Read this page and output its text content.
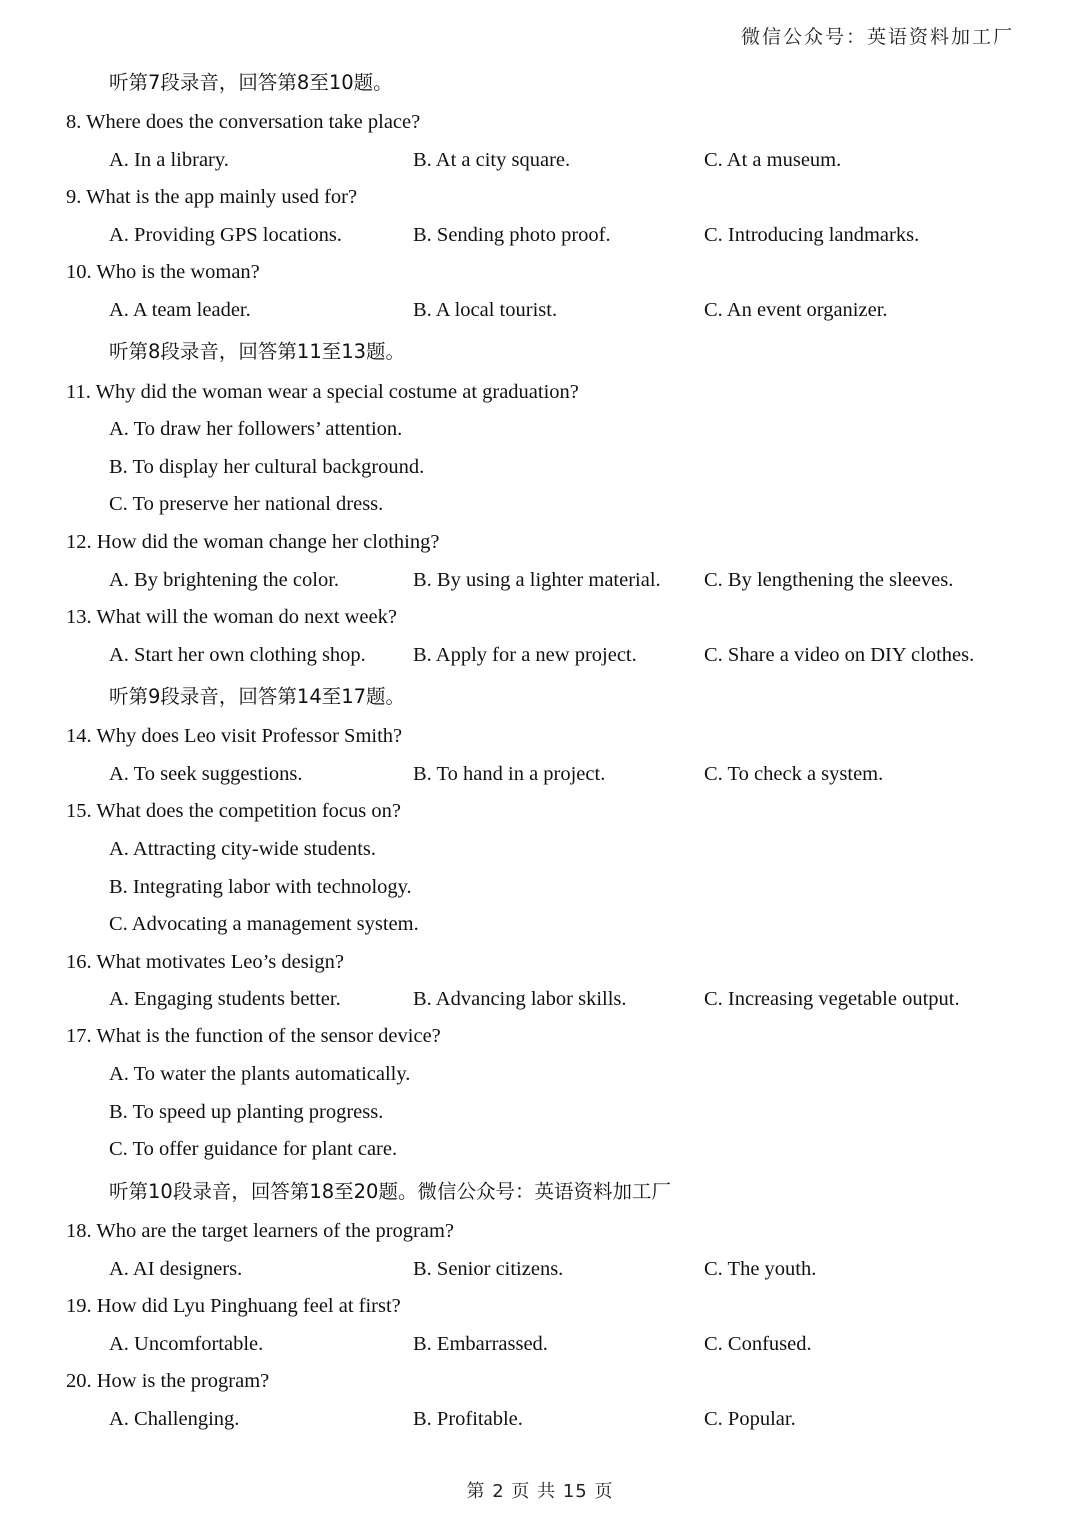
微信公众号：英语资料加工厂
听第7段录音，回答第8至10题。
8. Where does the conversation take place?
A. In a library.	B. At a city square.	C. At a museum.
9. What is the app mainly used for?
A. Providing GPS locations.	B. Sending photo proof.	C. Introducing landmarks.
10. Who is the woman?
A. A team leader.	B. A local tourist.	C. An event organizer.
听第8段录音，回答第11至13题。
11. Why did the woman wear a special costume at graduation?
A. To draw her followers’ attention.
B. To display her cultural background.
C. To preserve her national dress.
12. How did the woman change her clothing?
A. By brightening the color.	B. By using a lighter material. C. By lengthening the sleeves.
13. What will the woman do next week?
A. Start her own clothing shop. B. Apply for a new project.	C. Share a video on DIY clothes.
听第9段录音，回答第14至17题。
14. Why does Leo visit Professor Smith?
A. To seek suggestions.	B. To hand in a project.	C. To check a system.
15. What does the competition focus on?
A. Attracting city-wide students.
B. Integrating labor with technology.
C. Advocating a management system.
16. What motivates Leo’s design?
A. Engaging students better.	B. Advancing labor skills.	C. Increasing vegetable output.
17. What is the function of the sensor device?
A. To water the plants automatically.
B. To speed up planting progress.
C. To offer guidance for plant care.
听第10段录音，回答第18至20题。微信公众号：英语资料加工厂
18. Who are the target learners of the program?
A. AI designers.	B. Senior citizens.	C. The youth.
19. How did Lyu Pinghuang feel at first?
A. Uncomfortable.	B. Embarrassed.	C. Confused.
20. How is the program?
A. Challenging.	B. Profitable.	C. Popular.
第 2 页 共 15 页
